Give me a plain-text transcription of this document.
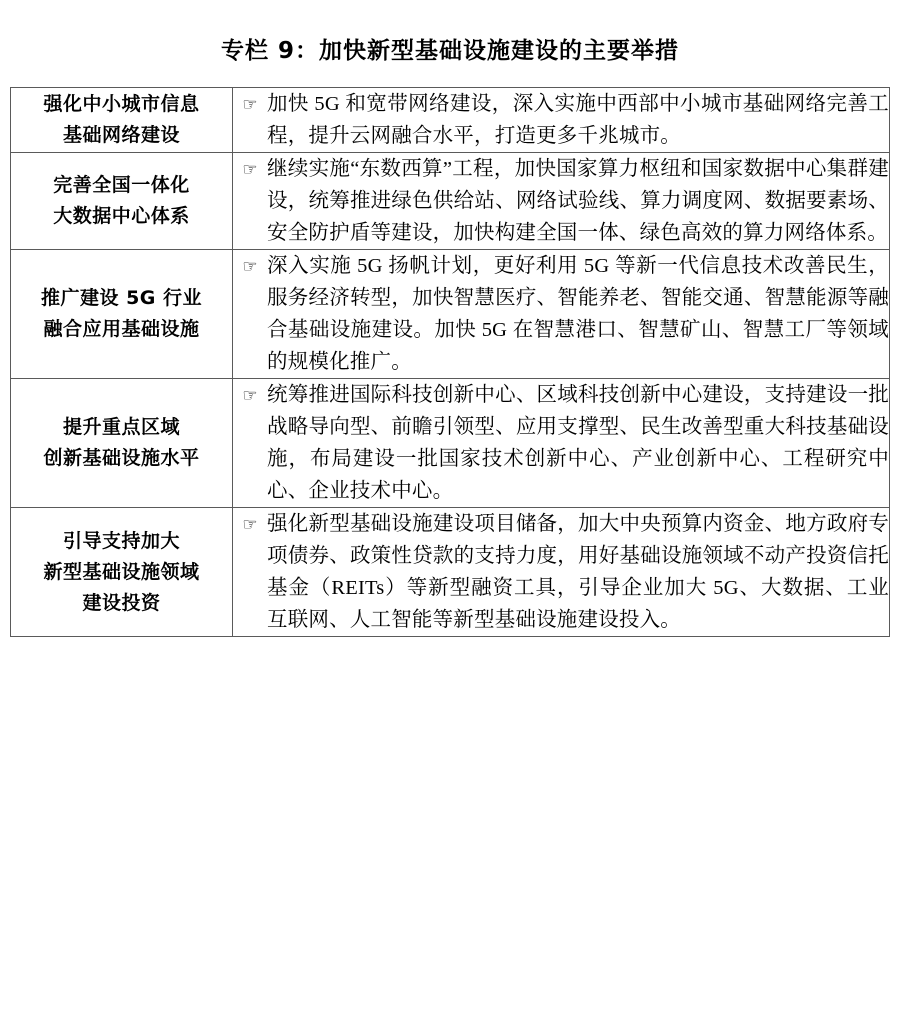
专栏 9：加快新型基础设施建设的主要举措
强化中小城市信息
基础网络建设	☞ 加快 5G 和宽带网络建设，深入实施中西部中小城市基础网络完善工程，提升云网融合水平，打造更多千兆城市。

完善全国一体化
大数据中心体系	☞ 继续实施“东数西算”工程，加快国家算力枢纽和国家数据中心集群建设，统筹推进绿色供给站、网络试验线、算力调度网、数据要素场、安全防护盾等建设，加快构建全国一体、绿色高效的算力网络体系。

推广建设 5G 行业
融合应用基础设施	☞ 深入实施 5G 扬帆计划，更好利用 5G 等新一代信息技术改善民生，服务经济转型，加快智慧医疗、智能养老、智能交通、智慧能源等融合基础设施建设。加快 5G 在智慧港口、智慧矿山、智慧工厂等领域的规模化推广。

提升重点区域
创新基础设施水平	☞ 统筹推进国际科技创新中心、区域科技创新中心建设，支持建设一批战略导向型、前瞻引领型、应用支撑型、民生改善型重大科技基础设施，布局建设一批国家技术创新中心、产业创新中心、工程研究中心、企业技术中心。

引导支持加大
新型基础设施领域
建设投资	☞ 强化新型基础设施建设项目储备，加大中央预算内资金、地方政府专项债券、政策性贷款的支持力度，用好基础设施领域不动产投资信托基金（REITs）等新型融资工具，引导企业加大 5G、大数据、工业互联网、人工智能等新型基础设施建设投入。
